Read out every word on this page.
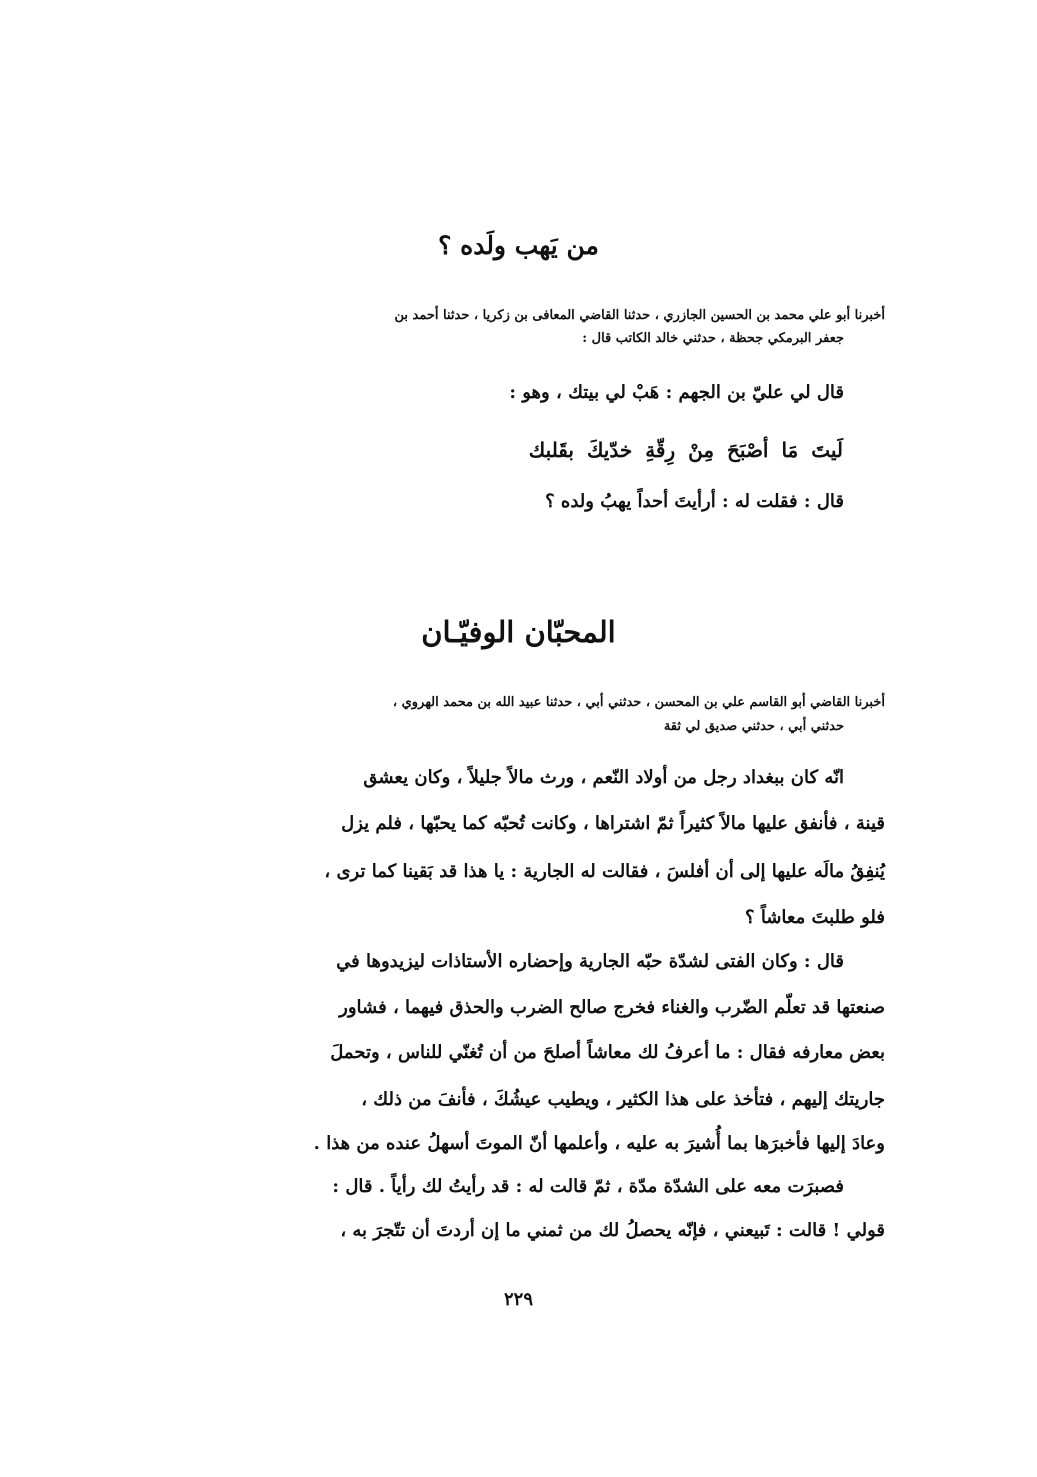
من يَهب ولَده ؟
أخبرنا أبو علي محمد بن الحسين الجازري ، حدثنا القاضي المعافى بن زكريا ، حدثنا أحمد بن
جعفر البرمكي جحظة ، حدثني خالد الكاتب قال :
قال لي عليّ بن الجهم : هَبْ لي بيتك ، وهو :
لَيتَ مَا أصْبَحَ مِنْ رِقّةِ خدّيكَ بقَلبك
قال : فقلت له : أرأيتَ أحداً يهبُ ولده ؟
المحبّان الوفيّـان
أخبرنا القاضي أبو القاسم علي بن المحسن ، حدثني أبي ، حدثنا عبيد الله بن محمد الهروي ،
حدثني أبي ، حدثني صديق لي ثقة
انّه كان ببغداد رجل من أولاد النّعم ، ورث مالاً جليلاً ، وكان يعشق
قينة ، فأنفق عليها مالاً كثيراً ثمّ اشتراها ، وكانت تُحبّه كما يحبّها ، فلم يزل
يُنفِقُ مالَه عليها إلى أن أفلسَ ، فقالت له الجارية : يا هذا قد بَقينا كما ترى ،
فلو طلبتَ معاشاً ؟
قال : وكان الفتى لشدّة حبّه الجارية وإحضاره الأستاذات ليزيدوها في
صنعتها قد تعلّم الضّرب والغناء فخرج صالح الضرب والحذق فيهما ، فشاور
بعض معارفه فقال : ما أعرفُ لك معاشاً أصلحَ من أن تُغنّي للناس ، وتحملَ
جاريتك إليهم ، فتأخذ على هذا الكثير ، ويطيب عيشُكَ ، فأنفَ من ذلك ،
وعادَ إليها فأخبرَها بما أُشيرَ به عليه ، وأعلمها أنّ الموتَ أسهلُ عنده من هذا .
فصبرَت معه على الشدّة مدّة ، ثمّ قالت له : قد رأيتُ لك رأياً . قال :
قولي ! قالت : تَبيعني ، فإنّه يحصلُ لك من ثمني ما إن أردتَ أن تتّجرَ به ،
٢٢٩
